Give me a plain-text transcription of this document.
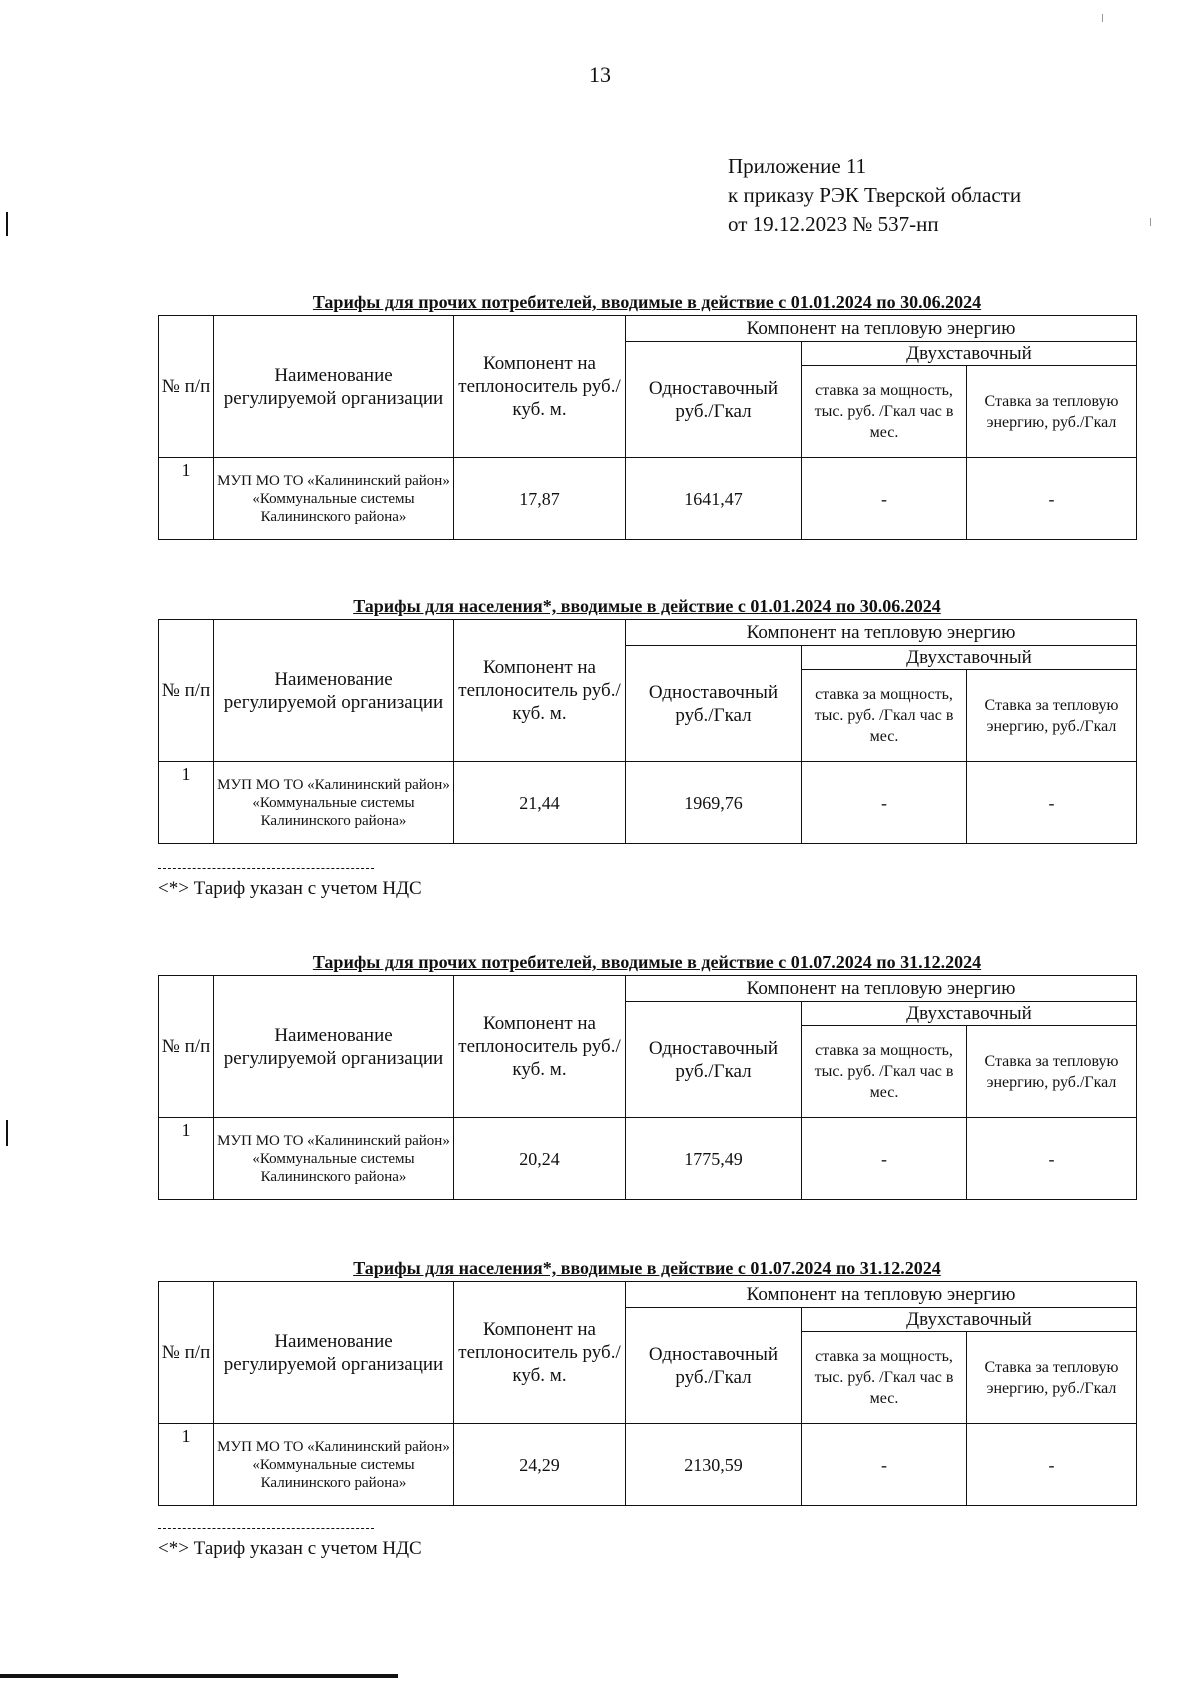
13
Приложение 11
к приказу РЭК Тверской области
от 19.12.2023 № 537-нп
Тарифы для прочих потребителей, вводимые в действие с 01.01.2024 по 30.06.2024
№ п/п	Наименование регулируемой организации	Компонент на теплоноситель руб./куб. м.	Компонент на тепловую энергию		
			Одноставочный руб./Гкал	Двухставочный	
				ставка за мощность, тыс. руб. /Гкал час в мес.	Ставка за тепловую энергию, руб./Гкал
1	МУП МО ТО «Калининский район» «Коммунальные системы Калининского района»	17,87	1641,47	-	-
Тарифы для населения*, вводимые в действие с 01.01.2024 по 30.06.2024
№ п/п	Наименование регулируемой организации	Компонент на теплоноситель руб./куб. м.	Компонент на тепловую энергию		
			Одноставочный руб./Гкал	Двухставочный	
				ставка за мощность, тыс. руб. /Гкал час в мес.	Ставка за тепловую энергию, руб./Гкал
1	МУП МО ТО «Калининский район» «Коммунальные системы Калининского района»	21,44	1969,76	-	-
<*> Тариф указан с учетом НДС
Тарифы для прочих потребителей, вводимые в действие с 01.07.2024 по 31.12.2024
№ п/п	Наименование регулируемой организации	Компонент на теплоноситель руб./куб. м.	Компонент на тепловую энергию		
			Одноставочный руб./Гкал	Двухставочный	
				ставка за мощность, тыс. руб. /Гкал час в мес.	Ставка за тепловую энергию, руб./Гкал
1	МУП МО ТО «Калининский район» «Коммунальные системы Калининского района»	20,24	1775,49	-	-
Тарифы для населения*, вводимые в действие с 01.07.2024 по 31.12.2024
№ п/п	Наименование регулируемой организации	Компонент на теплоноситель руб./куб. м.	Компонент на тепловую энергию		
			Одноставочный руб./Гкал	Двухставочный	
				ставка за мощность, тыс. руб. /Гкал час в мес.	Ставка за тепловую энергию, руб./Гкал
1	МУП МО ТО «Калининский район» «Коммунальные системы Калининского района»	24,29	2130,59	-	-
<*> Тариф указан с учетом НДС
